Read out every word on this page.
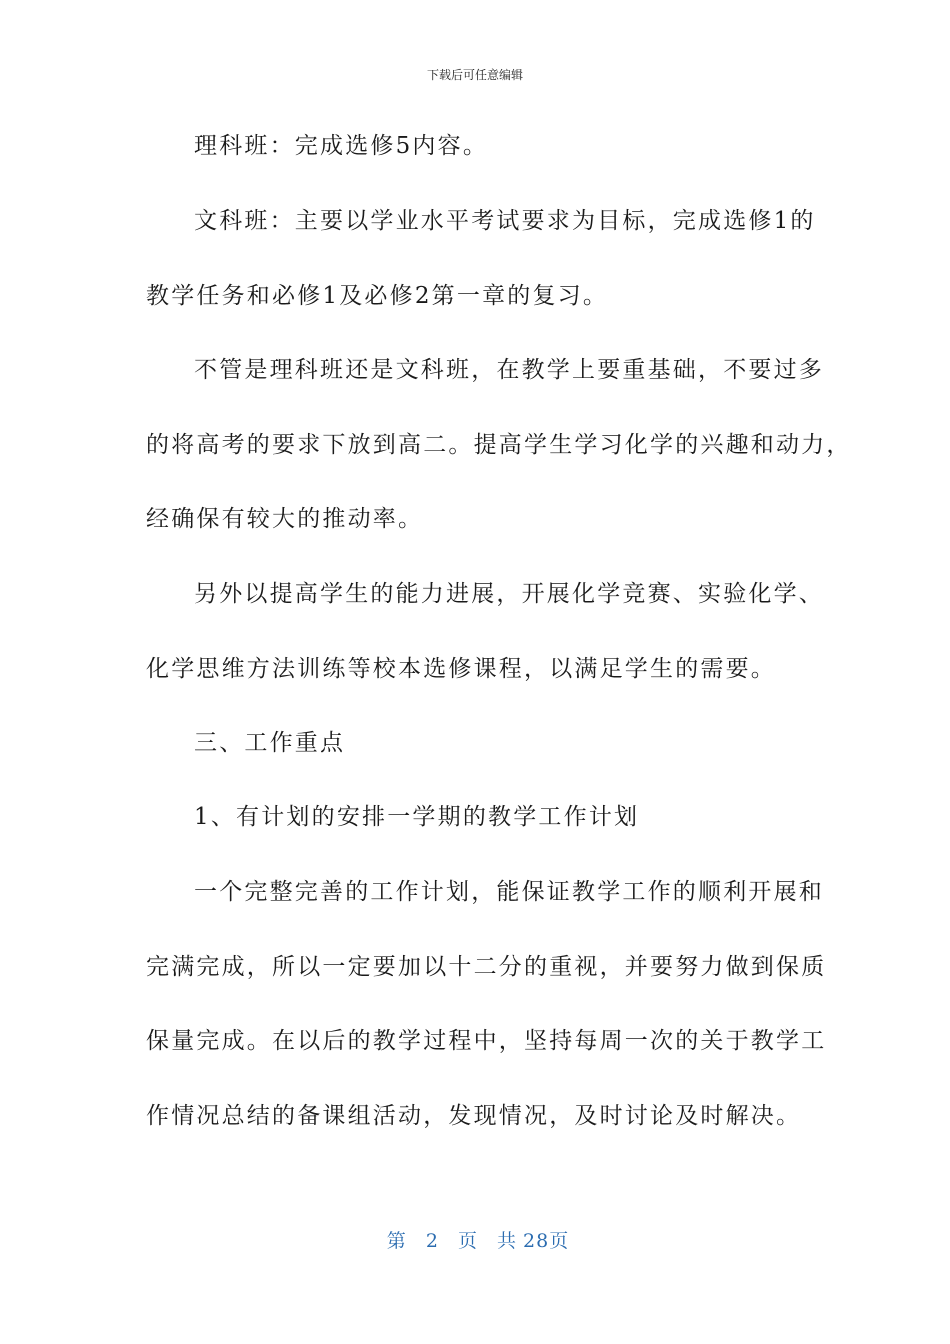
下载后可任意编辑
理科班：完成选修5内容。
文科班：主要以学业水平考试要求为目标，完成选修1的
教学任务和必修1及必修2第一章的复习。
不管是理科班还是文科班，在教学上要重基础，不要过多
的将高考的要求下放到高二。提高学生学习化学的兴趣和动力，
经确保有较大的推动率。
另外以提高学生的能力进展，开展化学竞赛、实验化学、
化学思维方法训练等校本选修课程，以满足学生的需要。
三、工作重点
1、有计划的安排一学期的教学工作计划
一个完整完善的工作计划，能保证教学工作的顺利开展和
完满完成，所以一定要加以十二分的重视，并要努力做到保质
保量完成。在以后的教学过程中，坚持每周一次的关于教学工
作情况总结的备课组活动，发现情况，及时讨论及时解决。
第 2 页 共 28页
